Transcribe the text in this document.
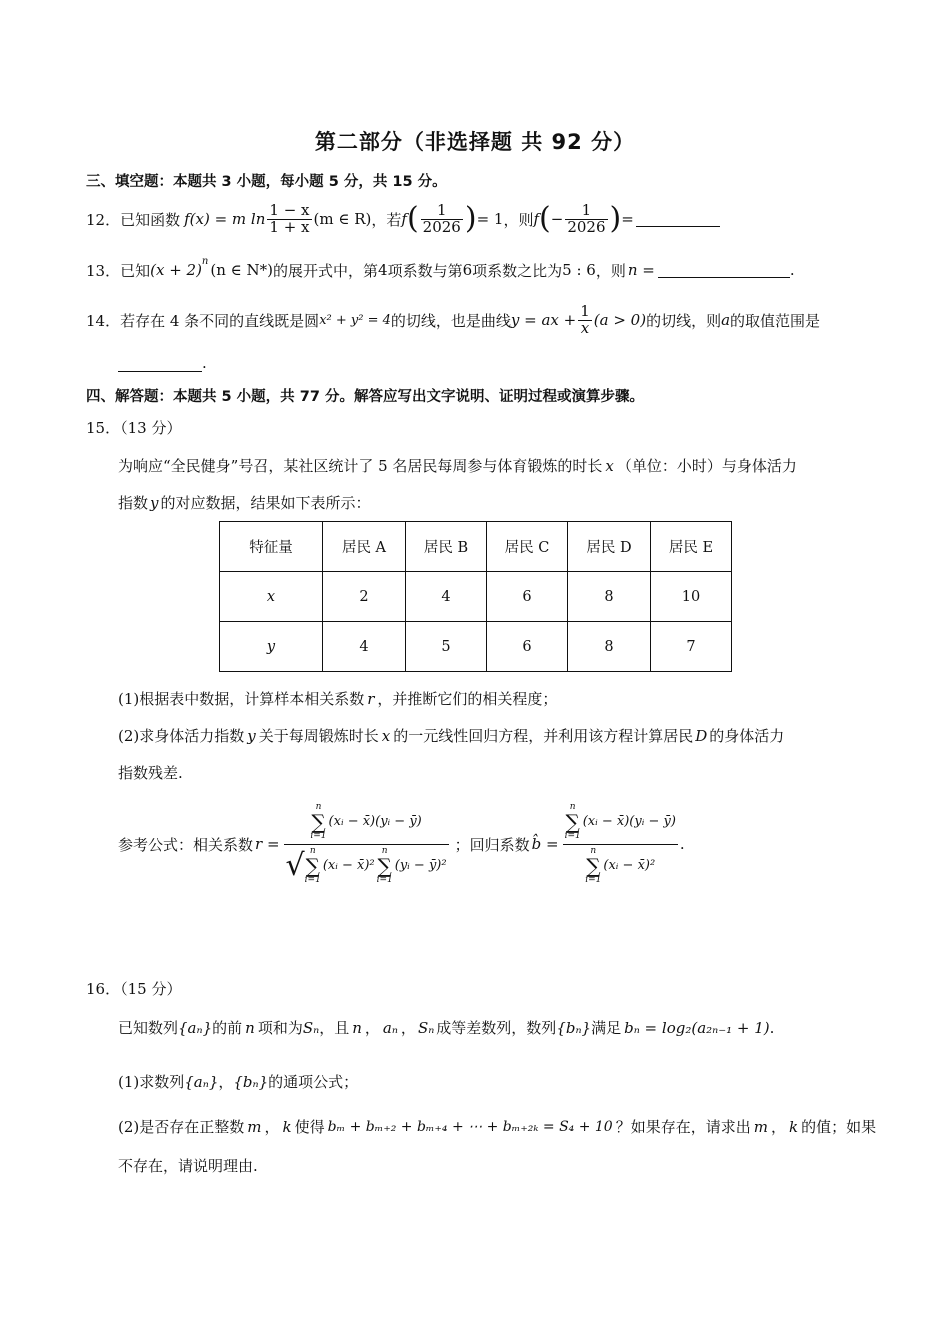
第二部分（非选择题 共 92 分）
三、填空题：本题共 3 小题，每小题 5 分，共 15 分。
12． 已知函数 f(x) = m $\ln \frac{1 - x}{1 + x} (m$ ∈ R) ，若 f ( $\frac{1}{2026}$ ) = 1 ，则 f ( − $\frac{1}{2026}$ ) =
13． 已知 $(x + 2)^n$ (n ∈ N*) 的展开式中，第 4 项系数与第 6 项系数之比为 5 : 6 ，则 n =	.
14． 若存在 4 条不同的直线既是圆 x² + y² = 4 的切线，也是曲线 y = ax + $\frac{1}{x} (a > 0)$ 的切线，则 a 的取值范围是
.
四、解答题：本题共 5 小题，共 77 分。解答应写出文字说明、证明过程或演算步骤。
15．（13 分）
为响应“全民健身”号召，某社区统计了 5 名居民每周参与体育锻炼的时长 x （单位：小时）与身体活力
指数 y 的对应数据，结果如下表所示：
特征量	居民 A	居民 B	居民 C	居民 D	居民 E
x	2	4	6	8	10
y	4	5	6	8	7
(1)根据表中数据，计算样本相关系数 r ，并推断它们的相关程度；
(2)求身体活力指数 y 关于每周锻炼时长 x 的一元线性回归方程，并利用该方程计算居民 D 的身体活力
指数残差.
参考公式：相关系数 r =
n
∑
i=1
(xᵢ − x̄)(yᵢ − ȳ)
√ n
∑
i=1
(xᵢ − x̄)²
n
∑
i=1
(yᵢ − ȳ)²
；回归系数 b̂ = n
∑
i=1
(xᵢ − x̄)(yᵢ − ȳ)
n
∑
i=1
(xᵢ − x̄)² .
16．（15 分）
已知数列 {aₙ} 的前 n 项和为 Sₙ ，且 n ， aₙ ， Sₙ 成等差数列，数列 {bₙ} 满足 bₙ = log₂(a₂ₙ₋₁ + 1) .
(1)求数列 {aₙ} ， {bₙ} 的通项公式；
(2)是否存在正整数 m ， k 使得 bₘ + bₘ₊₂ + bₘ₊₄ + ⋯ + bₘ₊₂ₖ = S₄ + 10 ？如果存在，请求出 m ， k 的值；如果
不存在，请说明理由.
